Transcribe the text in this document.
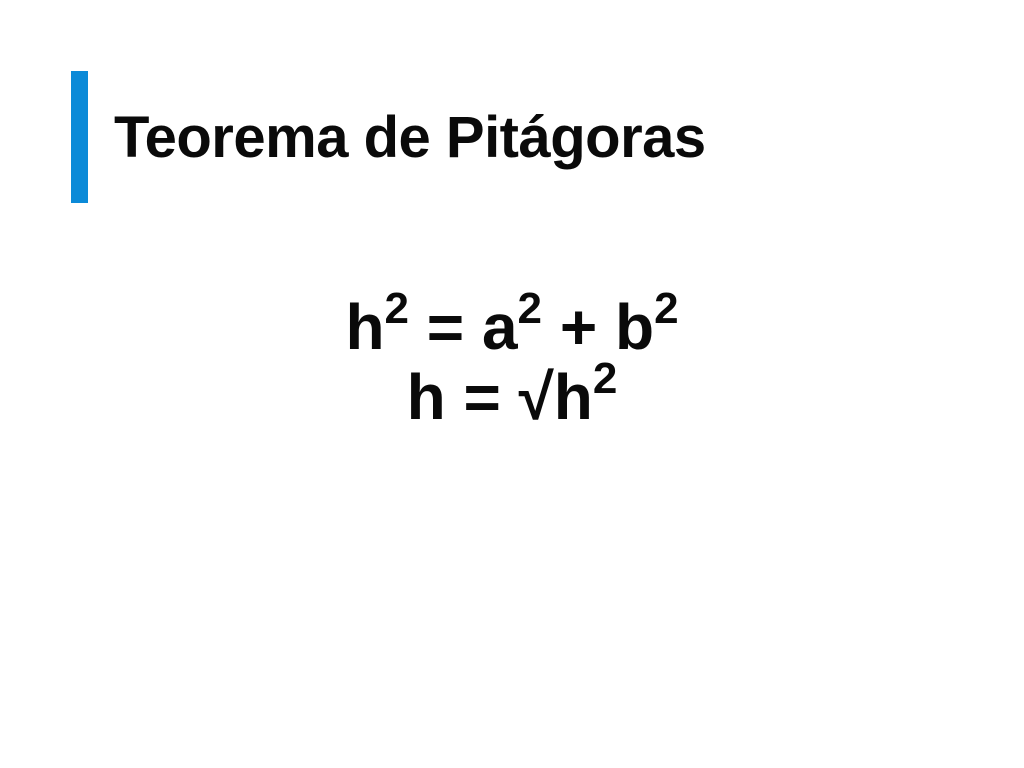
Teorema de Pitágoras
$h^2 = a^2 + b^2$
$h = √h^2$
